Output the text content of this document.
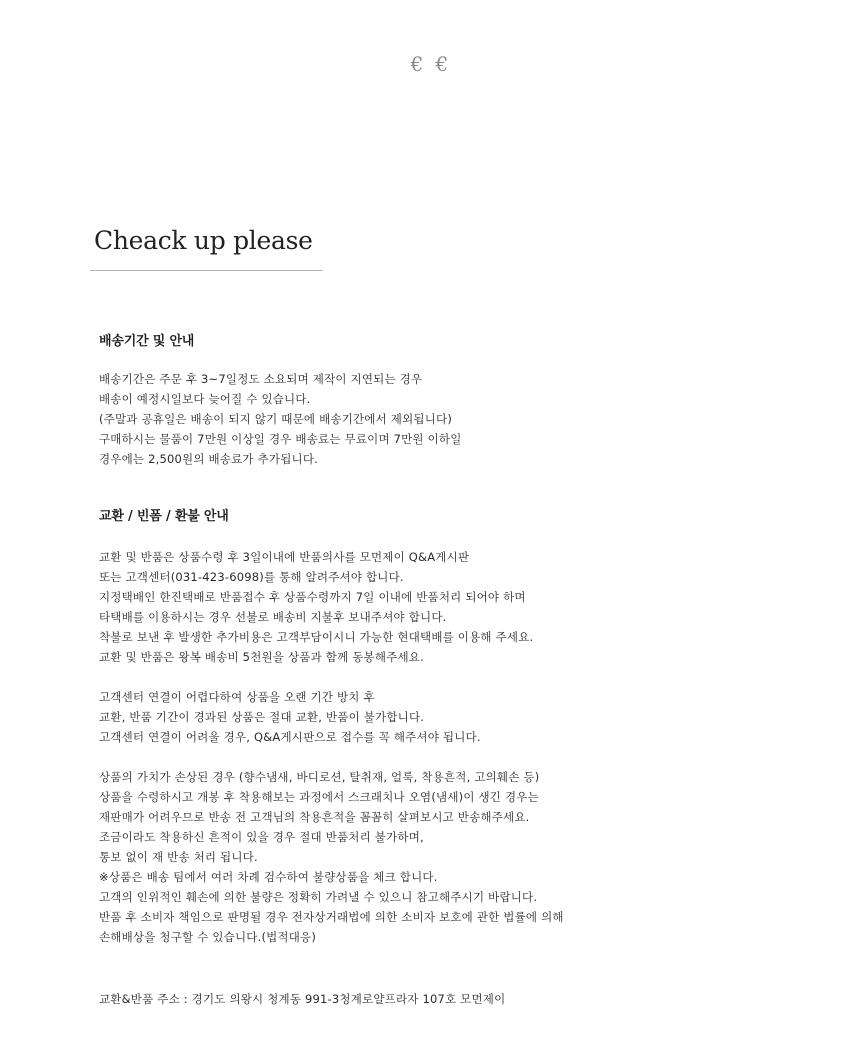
€ €
Cheack up please
배송기간 및 안내
배송기간은 주문 후 3~7일정도 소요되며 제작이 지연되는 경우
배송이 예정시일보다 늦어질 수 있습니다.
(주말과 공휴일은 배송이 되지 않기 때문에 배송기간에서 제외됩니다)
구매하시는 물품이 7만원 이상일 경우 배송료는 무료이며 7만원 이하일
경우에는 2,500원의 배송료가 추가됩니다.
교환 / 빈폼 / 환불 안내
교환 및 반품은 상품수령 후 3일이내에 반품의사를 모먼제이 Q&A게시판
또는 고객센터(031-423-6098)를 통해 알려주셔야 합니다.
지정택배인 한진택배로 반품접수 후 상품수령까지 7일 이내에 반품처리 되어야 하며
타택배를 이용하시는 경우 선불로 배송비 지불후 보내주셔야 합니다.
착불로 보낸 후 발생한 추가비용은 고객부담이시니 가능한 현대택배를 이용해 주세요.
교환 및 반품은 왕복 배송비 5천원을 상품과 함께 동봉해주세요.
고객센터 연결이 어렵다하여 상품을 오랜 기간 방치 후
교환, 반품 기간이 경과된 상품은 절대 교환, 반품이 불가합니다.
고객센터 연결이 어려울 경우, Q&A게시판으로 접수를 꼭 해주셔야 됩니다.
상품의 가치가 손상된 경우 (향수냄새, 바디로션, 탈취재, 얼룩, 착용흔적, 고의훼손 등)
상품을 수령하시고 개봉 후 착용해보는 과정에서 스크래치나 오염(냄새)이 생긴 경우는
재판매가 어려우므로 반송 전 고객님의 착용흔적을 꼼꼼히 살펴보시고 반송해주세요.
조금이라도 착용하신 흔적이 있을 경우 절대 반품처리 불가하며,
통보 없이 재 반송 처리 됩니다.
※상품은 배송 팀에서 여러 차례 검수하여 불량상품을 체크 합니다.
고객의 인위적인 훼손에 의한 불량은 정확히 가려낼 수 있으니 참고해주시기 바랍니다.
반품 후 소비자 책임으로 판명될 경우 전자상거래법에 의한 소비자 보호에 관한 법률에 의해
손해배상을 청구할 수 있습니다.(법적대응)

교환&반품 주소 : 경기도 의왕시 청계동 991-3청계로얄프라자 107호 모먼제이
